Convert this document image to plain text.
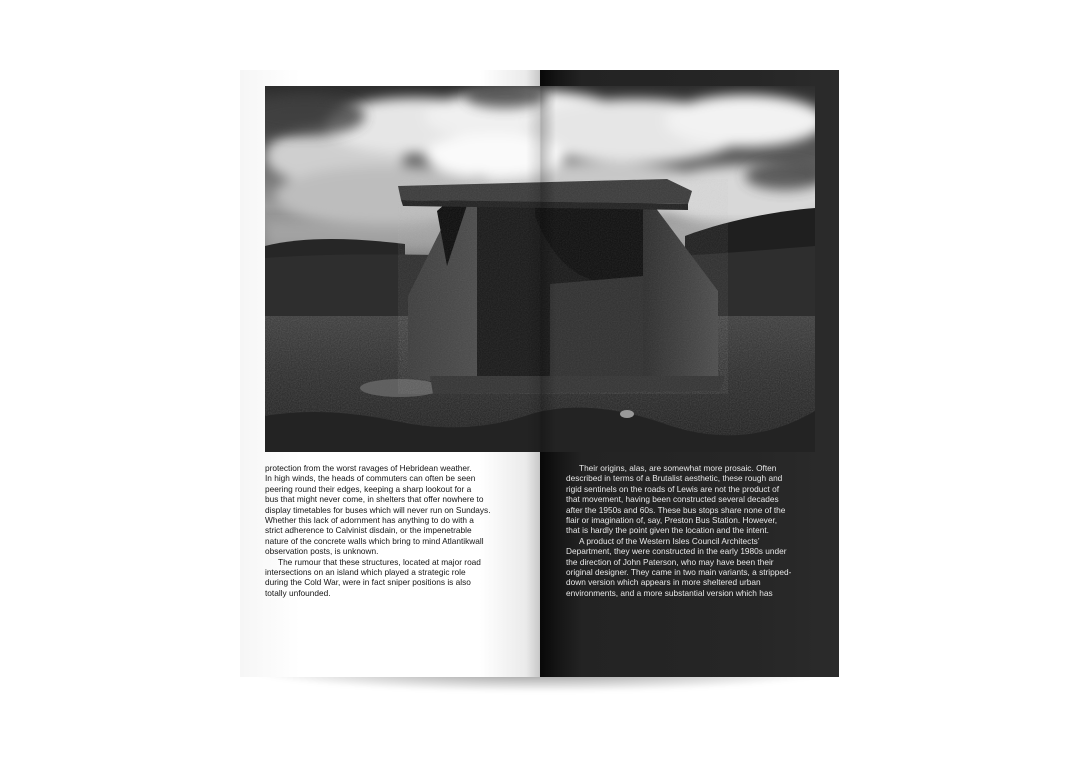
protection from the worst ravages of Hebridean weather.

In high winds, the heads of commuters can often be seen

peering round their edges, keeping a sharp lookout for a

bus that might never come, in shelters that offer nowhere to

display timetables for buses which will never run on Sundays.

Whether this lack of adornment has anything to do with a

strict adherence to Calvinist disdain, or the impenetrable

nature of the concrete walls which bring to mind Atlantikwall

observation posts, is unknown.

The rumour that these structures, located at major road

intersections on an island which played a strategic role

during the Cold War, were in fact sniper positions is also

totally unfounded.

Their origins, alas, are somewhat more prosaic. Often

described in terms of a Brutalist aesthetic, these rough and

rigid sentinels on the roads of Lewis are not the product of

that movement, having been constructed several decades

after the 1950s and 60s. These bus stops share none of the

flair or imagination of, say, Preston Bus Station. However,

that is hardly the point given the location and the intent.

A product of the Western Isles Council Architects’

Department, they were constructed in the early 1980s under

the direction of John Paterson, who may have been their

original designer. They came in two main variants, a stripped-

down version which appears in more sheltered urban

environments, and a more substantial version which has
